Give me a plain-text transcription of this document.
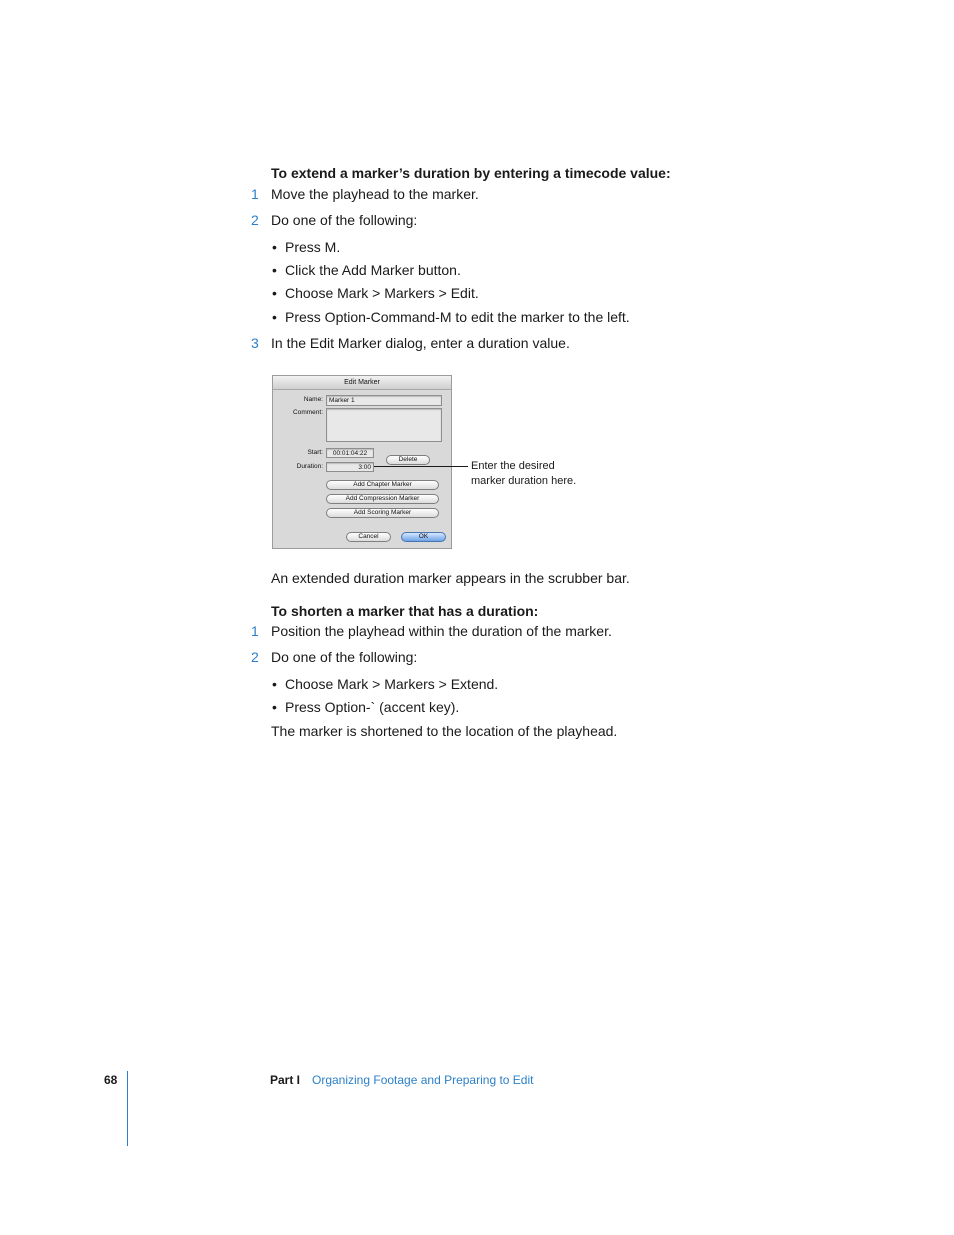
To extend a marker’s duration by entering a timecode value:
1 Move the playhead to the marker.
2 Do one of the following:
• Press M.
• Click the Add Marker button.
• Choose Mark > Markers > Edit.
• Press Option-Command-M to edit the marker to the left.
3 In the Edit Marker dialog, enter a duration value.
Edit Marker
Name: Marker 1
Comment:
Start:	00:01:04:22
Duration:	3:00
Delete
Add Chapter Marker
Add Compression Marker
Add Scoring Marker
Cancel	OK
Enter the desired
marker duration here.
An extended duration marker appears in the scrubber bar.
To shorten a marker that has a duration:
1 Position the playhead within the duration of the marker.
2 Do one of the following:
• Choose Mark > Markers > Extend.
• Press Option-` (accent key).
The marker is shortened to the location of the playhead.
68	Part I Organizing Footage and Preparing to Edit
